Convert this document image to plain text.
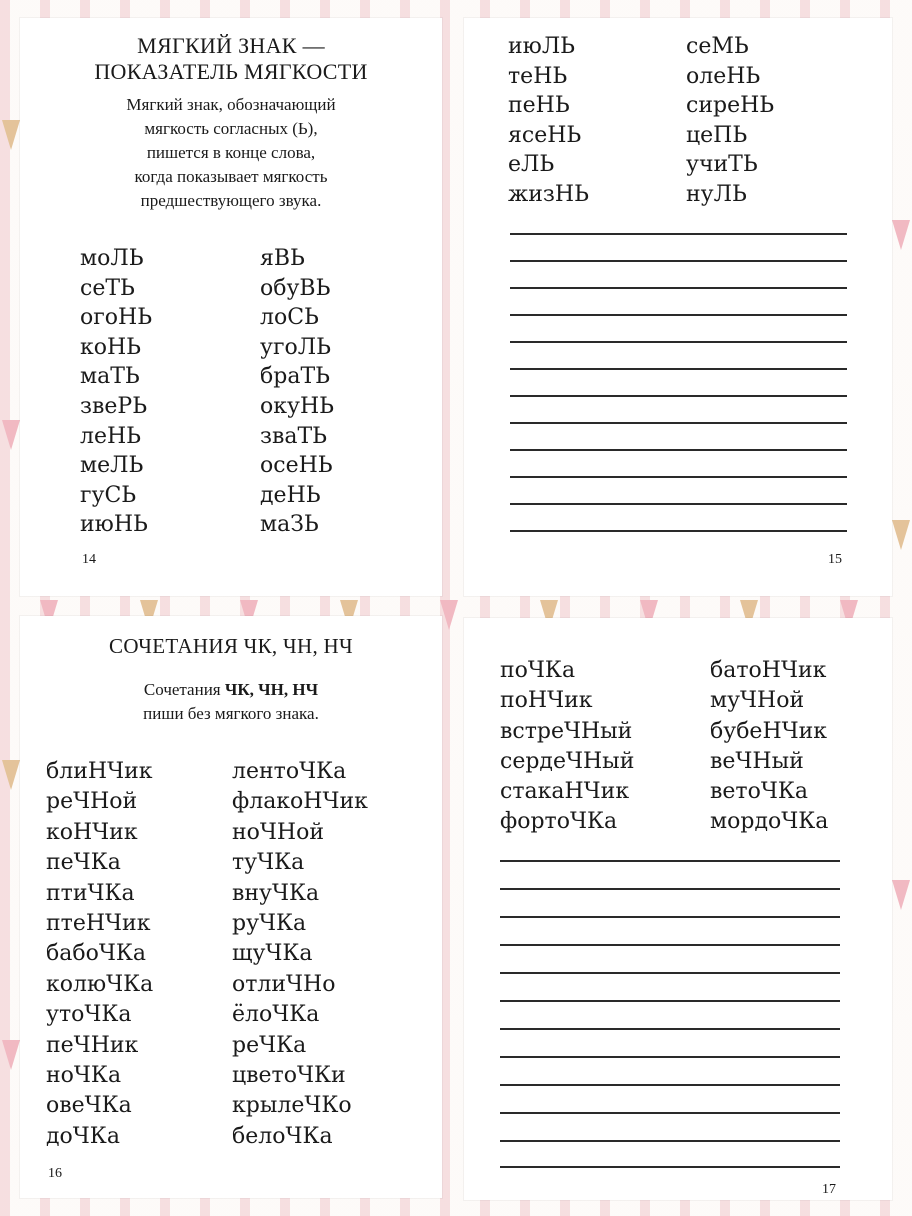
МЯГКИЙ ЗНАК —
ПОКАЗАТЕЛЬ МЯГКОСТИ
Мягкий знак, обозначающий
мягкость согласных (Ь),
пишется в конце слова,
когда показывает мягкость
предшествующего звука.
моЛЬ
сеТЬ
огоНЬ
коНЬ
маТЬ
звеРЬ
леНЬ
меЛЬ
гуСЬ
июНЬ
яВЬ
обуВЬ
лоСЬ
угоЛЬ
браТЬ
окуНЬ
зваТЬ
осеНЬ
деНЬ
маЗЬ
14
июЛЬ
теНЬ
пеНЬ
ясеНЬ
еЛЬ
жизНЬ
сеМЬ
олеНЬ
сиреНЬ
цеПЬ
учиТЬ
нуЛЬ
15
СОЧЕТАНИЯ ЧК, ЧН, НЧ
Сочетания ЧК, ЧН, НЧ
пиши без мягкого знака.
блиНЧик
реЧНой
коНЧик
пеЧКа
птиЧКа
птеНЧик
бабоЧКа
колюЧКа
утоЧКа
пеЧНик
ноЧКа
овеЧКа
доЧКа
лентоЧКа
флакоНЧик
ноЧНой
туЧКа
внуЧКа
руЧКа
щуЧКа
отлиЧНо
ёлоЧКа
реЧКа
цветоЧКи
крылеЧКо
белоЧКа
16
поЧКа
поНЧик
встреЧНый
сердеЧНый
стакаНЧик
фортоЧКа
батоНЧик
муЧНой
бубеНЧик
веЧНый
ветоЧКа
мордоЧКа
17
